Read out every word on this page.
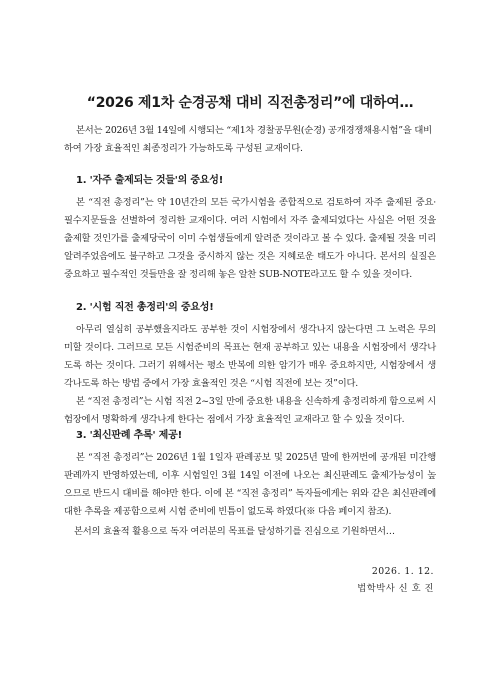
“2026 제1차 순경공채 대비 직전총정리”에 대하여…

본서는 2026년 3월 14일에 시행되는 “제1차 경찰공무원(순경) 공개경쟁채용시험”을 대비하여 가장 효율적인 최종정리가 가능하도록 구성된 교재이다.

1. '자주 출제되는 것들'의 중요성!

본 “직전 총정리”는 약 10년간의 모든 국가시험을 종합적으로 검토하여 자주 출제된 중요·필수지문들을 선별하여 정리한 교재이다. 여러 시험에서 자주 출제되었다는 사실은 어떤 것을 출제할 것인가를 출제당국이 이미 수험생들에게 알려준 것이라고 볼 수 있다. 출제될 것을 미리 알려주었음에도 불구하고 그것을 중시하지 않는 것은 지혜로운 태도가 아니다. 본서의 실질은 중요하고 필수적인 것들만을 잘 정리해 놓은 알찬 SUB-NOTE라고도 할 수 있을 것이다.

2. '시험 직전 총정리'의 중요성!

아무리 열심히 공부했을지라도 공부한 것이 시험장에서 생각나지 않는다면 그 노력은 무의미할 것이다. 그러므로 모든 시험준비의 목표는 현재 공부하고 있는 내용을 시험장에서 생각나도록 하는 것이다. 그러기 위해서는 평소 반복에 의한 암기가 매우 중요하지만, 시험장에서 생각나도록 하는 방법 중에서 가장 효율적인 것은 “시험 직전에 보는 것”이다.

본 “직전 총정리”는 시험 직전 2~3일 만에 중요한 내용을 신속하게 총정리하게 함으로써 시험장에서 명확하게 생각나게 한다는 점에서 가장 효율적인 교재라고 할 수 있을 것이다.

3. '최신판례 추록' 제공!

본 “직전 총정리”는 2026년 1월 1일자 판례공보 및 2025년 말에 한꺼번에 공개된 미간행판례까지 반영하였는데, 이후 시험일인 3월 14일 이전에 나오는 최신판례도 출제가능성이 높으므로 반드시 대비를 해야만 한다. 이에 본 “직전 총정리” 독자들에게는 위와 같은 최신판례에 대한 추록을 제공함으로써 시험 준비에 빈틈이 없도록 하였다(※ 다음 페이지 참조).

본서의 효율적 활용으로 독자 여러분의 목표를 달성하기를 진심으로 기원하면서…
2026. 1. 12.
법학박사 신 호 진
